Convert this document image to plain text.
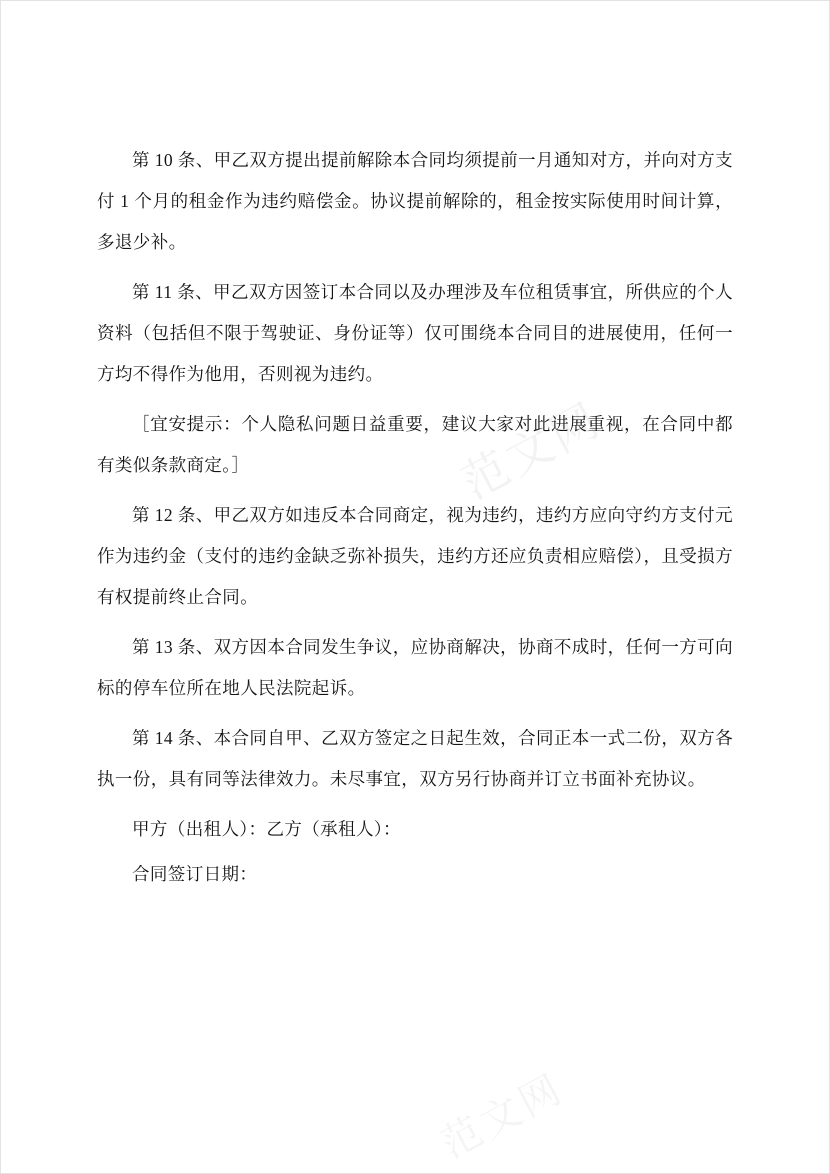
第 10 条、甲乙双方提出提前解除本合同均须提前一月通知对方，并向对方支付 1 个月的租金作为违约赔偿金。协议提前解除的，租金按实际使用时间计算，多退少补。

第 11 条、甲乙双方因签订本合同以及办理涉及车位租赁事宜，所供应的个人资料（包括但不限于驾驶证、身份证等）仅可围绕本合同目的进展使用，任何一方均不得作为他用，否则视为违约。

［宜安提示：个人隐私问题日益重要，建议大家对此进展重视，在合同中都有类似条款商定。］

第 12 条、甲乙双方如违反本合同商定，视为违约，违约方应向守约方支付元作为违约金（支付的违约金缺乏弥补损失，违约方还应负责相应赔偿），且受损方有权提前终止合同。

第 13 条、双方因本合同发生争议，应协商解决，协商不成时，任何一方可向标的停车位所在地人民法院起诉。

第 14 条、本合同自甲、乙双方签定之日起生效，合同正本一式二份，双方各执一份，具有同等法律效力。未尽事宜，双方另行协商并订立书面补充协议。

甲方（出租人）：乙方（承租人）：

合同签订日期：

范文网
